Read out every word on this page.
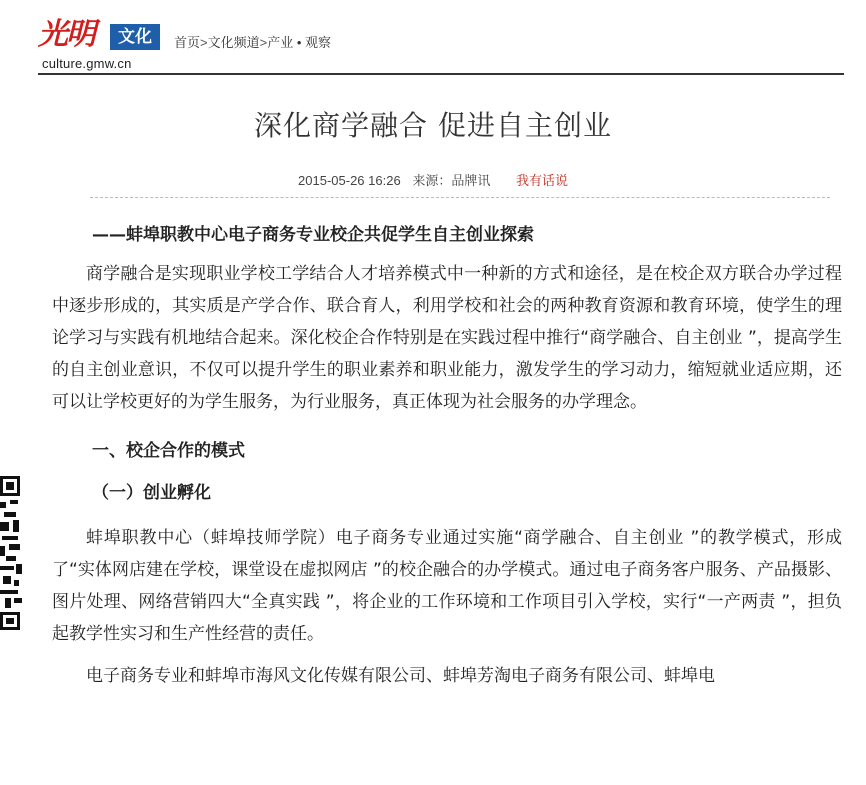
光明	文化
culture.gmw.cn
首页>文化频道>产业 • 观察
深化商学融合 促进自主创业
2015-05-26 16:26 来源：品牌讯 我有话说

——蚌埠职教中心电子商务专业校企共促学生自主创业探索

商学融合是实现职业学校工学结合人才培养模式中一种新的方式和途径，是在校企双方联合办学过程中逐步形成的，其实质是产学合作、联合育人，利用学校和社会的两种教育资源和教育环境，使学生的理论学习与实践有机地结合起来。深化校企合作特别是在实践过程中推行“商学融合、自主创业 ”，提高学生的自主创业意识，不仅可以提升学生的职业素养和职业能力，激发学生的学习动力，缩短就业适应期，还可以让学校更好的为学生服务，为行业服务，真正体现为社会服务的办学理念。

一、校企合作的模式

（一）创业孵化

蚌埠职教中心（蚌埠技师学院）电子商务专业通过实施“商学融合、自主创业 ”的教学模式，形成了“实体网店建在学校，课堂设在虚拟网店 ”的校企融合的办学模式。通过电子商务客户服务、产品摄影、图片处理、网络营销四大“全真实践 ”，将企业的工作环境和工作项目引入学校，实行“一产两责 ”，担负起教学性实习和生产性经营的责任。

电子商务专业和蚌埠市海风文化传媒有限公司、蚌埠芳淘电子商务有限公司、蚌埠电
